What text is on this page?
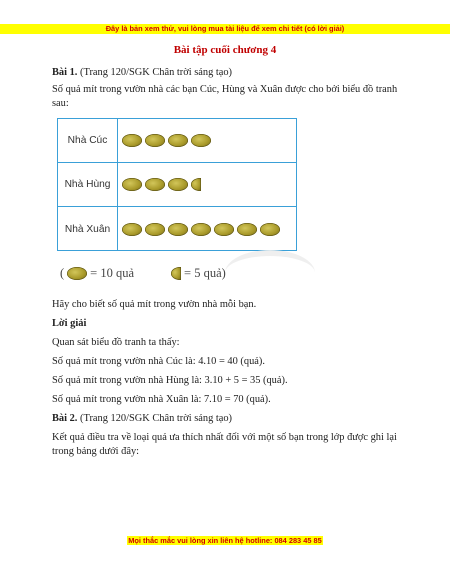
Đây là bản xem thử, vui lòng mua tài liệu để xem chi tiết (có lời giải)
Bài tập cuối chương 4
Bài 1. (Trang 120/SGK Chân trời sáng tạo)
Số quả mít trong vườn nhà các bạn Cúc, Hùng và Xuân được cho bởi biểu đồ tranh sau:
Nhà Cúc
Nhà Hùng
Nhà Xuân
( = 10 quả	= 5 quả)
Hãy cho biết số quả mít trong vườn nhà mỗi bạn.
Lời giải
Quan sát biểu đồ tranh ta thấy:
Số quả mít trong vườn nhà Cúc là: 4.10 = 40 (quả).
Số quả mít trong vườn nhà Hùng là: 3.10 + 5 = 35 (quả).
Số quả mít trong vườn nhà Xuân là: 7.10 = 70 (quả).
Bài 2. (Trang 120/SGK Chân trời sáng tạo)
Kết quả điều tra về loại quả ưa thích nhất đối với một số bạn trong lớp được ghi lại trong bảng dưới đây:
Mọi thắc mắc vui lòng xin liên hệ hotline: 084 283 45 85
